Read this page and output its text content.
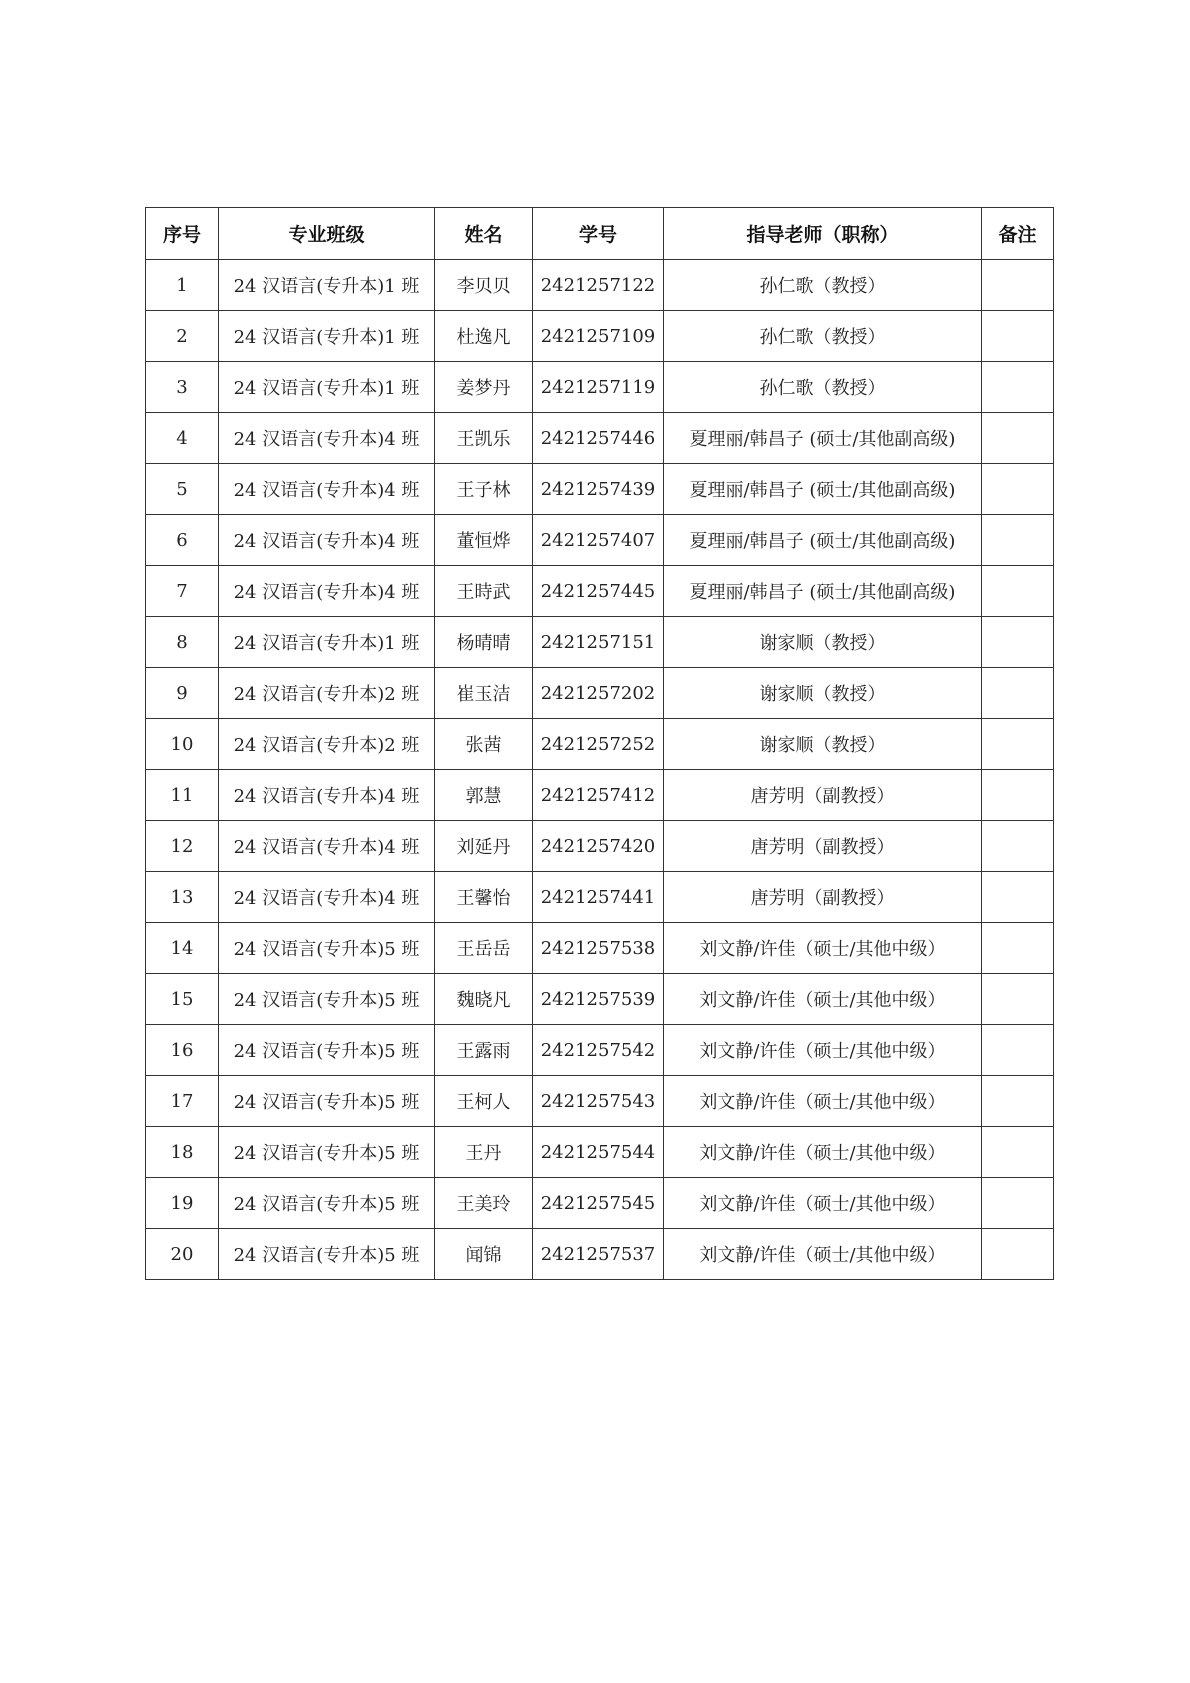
序号	专业班级	姓名	学号	指导老师（职称）	备注
1	24 汉语言(专升本)1 班	李贝贝	2421257122	孙仁歌（教授）	
2	24 汉语言(专升本)1 班	杜逸凡	2421257109	孙仁歌（教授）	
3	24 汉语言(专升本)1 班	姜梦丹	2421257119	孙仁歌（教授）	
4	24 汉语言(专升本)4 班	王凯乐	2421257446	夏理丽/韩昌子 (硕士/其他副高级)	
5	24 汉语言(专升本)4 班	王子林	2421257439	夏理丽/韩昌子 (硕士/其他副高级)	
6	24 汉语言(专升本)4 班	董恒烨	2421257407	夏理丽/韩昌子 (硕士/其他副高级)	
7	24 汉语言(专升本)4 班	王時武	2421257445	夏理丽/韩昌子 (硕士/其他副高级)	
8	24 汉语言(专升本)1 班	杨晴晴	2421257151	谢家顺（教授）	
9	24 汉语言(专升本)2 班	崔玉洁	2421257202	谢家顺（教授）	
10	24 汉语言(专升本)2 班	张茜	2421257252	谢家顺（教授）	
11	24 汉语言(专升本)4 班	郭慧	2421257412	唐芳明（副教授）	
12	24 汉语言(专升本)4 班	刘延丹	2421257420	唐芳明（副教授）	
13	24 汉语言(专升本)4 班	王馨怡	2421257441	唐芳明（副教授）	
14	24 汉语言(专升本)5 班	王岳岳	2421257538	刘文静/许佳（硕士/其他中级）	
15	24 汉语言(专升本)5 班	魏晓凡	2421257539	刘文静/许佳（硕士/其他中级）	
16	24 汉语言(专升本)5 班	王露雨	2421257542	刘文静/许佳（硕士/其他中级）	
17	24 汉语言(专升本)5 班	王柯人	2421257543	刘文静/许佳（硕士/其他中级）	
18	24 汉语言(专升本)5 班	王丹	2421257544	刘文静/许佳（硕士/其他中级）	
19	24 汉语言(专升本)5 班	王美玲	2421257545	刘文静/许佳（硕士/其他中级）	
20	24 汉语言(专升本)5 班	闻锦	2421257537	刘文静/许佳（硕士/其他中级）	
